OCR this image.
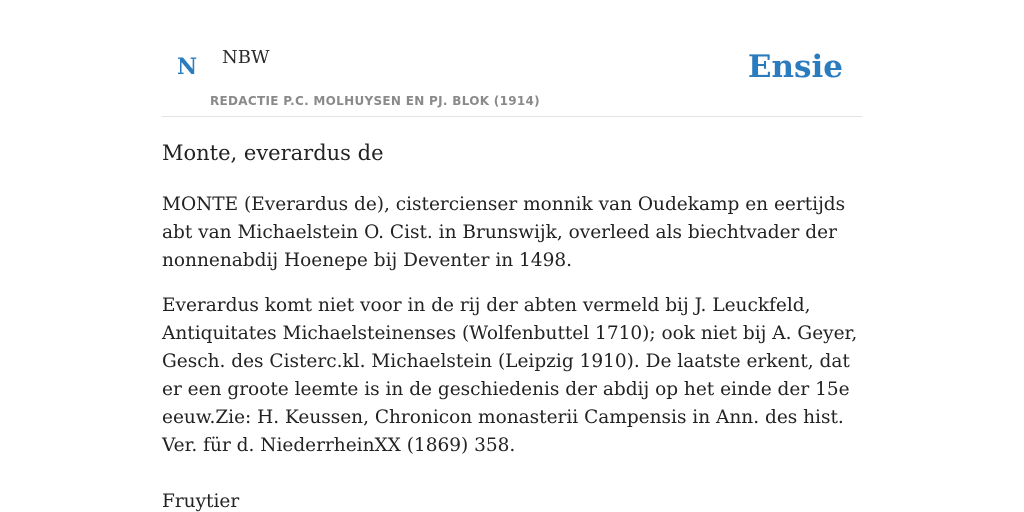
N NBW
REDACTIE P.C. MOLHUYSEN EN PJ. BLOK (1914)
Ensie
Monte, everardus de

MONTE (Everardus de), cistercienser monnik van Oudekamp en eertijds abt van Michaelstein O. Cist. in Brunswijk, overleed als biechtvader der nonnenabdij Hoenepe bij Deventer in 1498.

Everardus komt niet voor in de rij der abten vermeld bij J. Leuckfeld, Antiquitates Michaelsteinenses (Wolfenbuttel 1710); ook niet bij A. Geyer, Gesch. des Cisterc.kl. Michaelstein (Leipzig 1910). De laatste erkent, dat er een groote leemte is in de geschiedenis der abdij op het einde der 15e eeuw.Zie: H. Keussen, Chronicon monasterii Campensis in Ann. des hist. Ver. für d. NiederrheinXX (1869) 358.

Fruytier
